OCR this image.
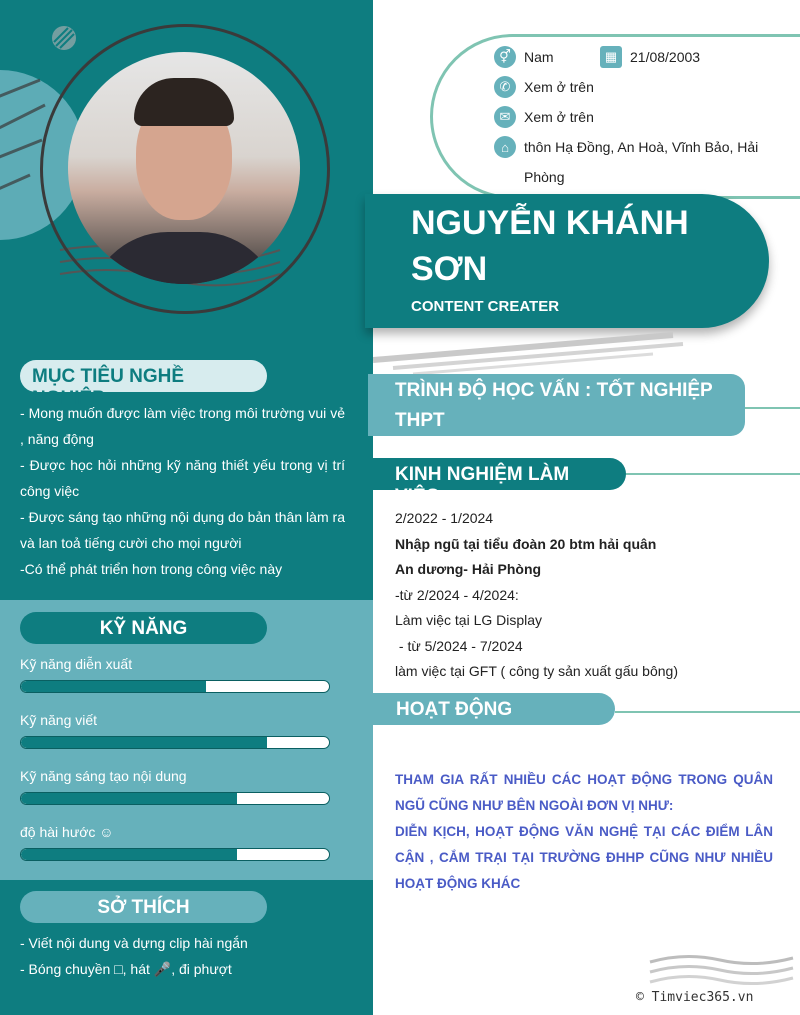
MỤC TIÊU NGHỀ NGHIỆP

- Mong muốn được làm việc trong môi trường vui vẻ , năng động

- Được học hỏi những kỹ năng thiết yếu trong vị trí công việc

- Được sáng tạo những nội dụng do bản thân làm ra và lan toả tiếng cười cho mọi người

-Có thể phát triển hơn trong công việc này

KỸ NĂNG
Kỹ năng diễn xuất
Kỹ năng viết
Kỹ năng sáng tạo nội dung
độ hài hước ☺
SỞ THÍCH

- Viết nội dung và dựng clip hài ngắn

- Bóng chuyền □, hát 🎤, đi phượt

⚥ Nam	▦ 21/08/2003
✆ Xem ở trên
✉ Xem ở trên
⌂	thôn Hạ Đồng, An Hoà, Vĩnh Bảo, Hải Phòng
NGUYỄN KHÁNH SƠN
CONTENT CREATER
TRÌNH ĐỘ HỌC VẤN : TỐT NGHIỆP THPT
KINH NGHIỆM LÀM VIỆC

2/2022 - 1/2024

Nhập ngũ tại tiểu đoàn 20 btm hải quân

An dương- Hải Phòng

-từ 2/2024 - 4/2024:

Làm việc tại LG Display

- từ 5/2024 - 7/2024

làm việc tại GFT ( công ty sản xuất gấu bông)

HOẠT ĐỘNG

THAM GIA RẤT NHIỀU CÁC HOẠT ĐỘNG TRONG QUÂN NGŨ CŨNG NHƯ BÊN NGOÀI ĐƠN VỊ NHƯ:

DIỄN KỊCH, HOẠT ĐỘNG VĂN NGHỆ TẠI CÁC ĐIỂM LÂN CẬN , CẮM TRẠI TẠI TRƯỜNG ĐHHP CŨNG NHƯ NHIỀU HOẠT ĐỘNG KHÁC

© Timviec365.vn
